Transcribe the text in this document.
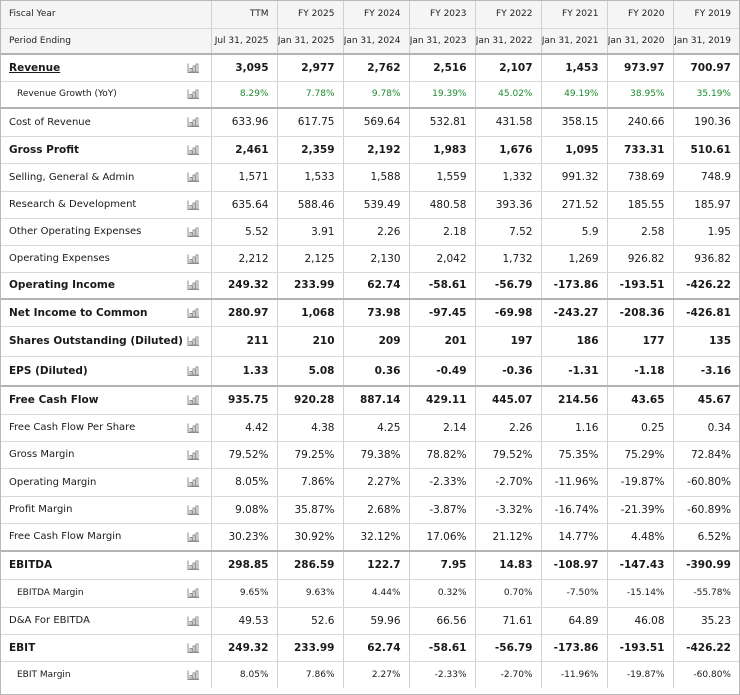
Fiscal Year	TTM	FY 2025	FY 2024	FY 2023	FY 2022	FY 2021	FY 2020	FY 2019
Period Ending	Jul 31, 2025	Jan 31, 2025	Jan 31, 2024	Jan 31, 2023	Jan 31, 2022	Jan 31, 2021	Jan 31, 2020	Jan 31, 2019
Revenue	3,095	2,977	2,762	2,516	2,107	1,453	973.97	700.97
Revenue Growth (YoY)	8.29%	7.78%	9.78%	19.39%	45.02%	49.19%	38.95%	35.19%
Cost of Revenue	633.96	617.75	569.64	532.81	431.58	358.15	240.66	190.36
Gross Profit	2,461	2,359	2,192	1,983	1,676	1,095	733.31	510.61
Selling, General & Admin	1,571	1,533	1,588	1,559	1,332	991.32	738.69	748.9
Research & Development	635.64	588.46	539.49	480.58	393.36	271.52	185.55	185.97
Other Operating Expenses	5.52	3.91	2.26	2.18	7.52	5.9	2.58	1.95
Operating Expenses	2,212	2,125	2,130	2,042	1,732	1,269	926.82	936.82
Operating Income	249.32	233.99	62.74	-58.61	-56.79	-173.86	-193.51	-426.22
Net Income to Common	280.97	1,068	73.98	-97.45	-69.98	-243.27	-208.36	-426.81
Shares Outstanding (Diluted)	211	210	209	201	197	186	177	135
EPS (Diluted)	1.33	5.08	0.36	-0.49	-0.36	-1.31	-1.18	-3.16
Free Cash Flow	935.75	920.28	887.14	429.11	445.07	214.56	43.65	45.67
Free Cash Flow Per Share	4.42	4.38	4.25	2.14	2.26	1.16	0.25	0.34
Gross Margin	79.52%	79.25%	79.38%	78.82%	79.52%	75.35%	75.29%	72.84%
Operating Margin	8.05%	7.86%	2.27%	-2.33%	-2.70%	-11.96%	-19.87%	-60.80%
Profit Margin	9.08%	35.87%	2.68%	-3.87%	-3.32%	-16.74%	-21.39%	-60.89%
Free Cash Flow Margin	30.23%	30.92%	32.12%	17.06%	21.12%	14.77%	4.48%	6.52%
EBITDA	298.85	286.59	122.7	7.95	14.83	-108.97	-147.43	-390.99
EBITDA Margin	9.65%	9.63%	4.44%	0.32%	0.70%	-7.50%	-15.14%	-55.78%
D&A For EBITDA	49.53	52.6	59.96	66.56	71.61	64.89	46.08	35.23
EBIT	249.32	233.99	62.74	-58.61	-56.79	-173.86	-193.51	-426.22
EBIT Margin	8.05%	7.86%	2.27%	-2.33%	-2.70%	-11.96%	-19.87%	-60.80%
